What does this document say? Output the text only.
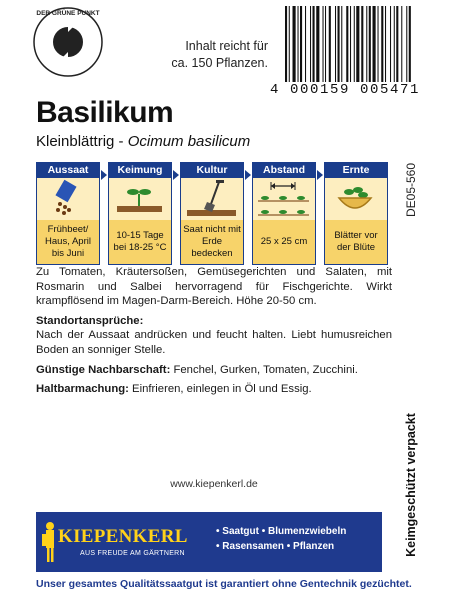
DER GRÜNE PUNKT
Inhalt reicht für
ca. 150 Pflanzen.
4 000159 005471
Basilikum
Kleinblättrig - Ocimum basilicum
Aussaat
Frühbeet/ Haus, April bis Juni
Keimung
10-15 Tage bei 18-25 °C
Kultur
Saat nicht mit Erde bedecken
Abstand
25 x 25 cm
Ernte
Blätter vor der Blüte
DE05-560

Zu Tomaten, Kräutersoßen, Gemüsegerichten und Salaten, mit Rosmarin und Salbei hervorragend für Fischgerichte. Wirkt krampflösend im Magen-Darm-Bereich. Höhe 20-50 cm.

Standortansprüche:
Nach der Aussaat andrücken und feucht halten. Liebt humusreichen Boden an sonniger Stelle.

Günstige Nachbarschaft: Fenchel, Gurken, Tomaten, Zucchini.

Haltbarmachung: Einfrieren, einlegen in Öl und Essig.

Keimgeschützt verpackt
www.kiepenkerl.de
KIEPENKERL
AUS FREUDE AM GÄRTNERN
• Saatgut • Blumenzwiebeln
• Rasensamen • Pflanzen
Unser gesamtes Qualitätssaatgut ist garantiert ohne Gentechnik gezüchtet.
